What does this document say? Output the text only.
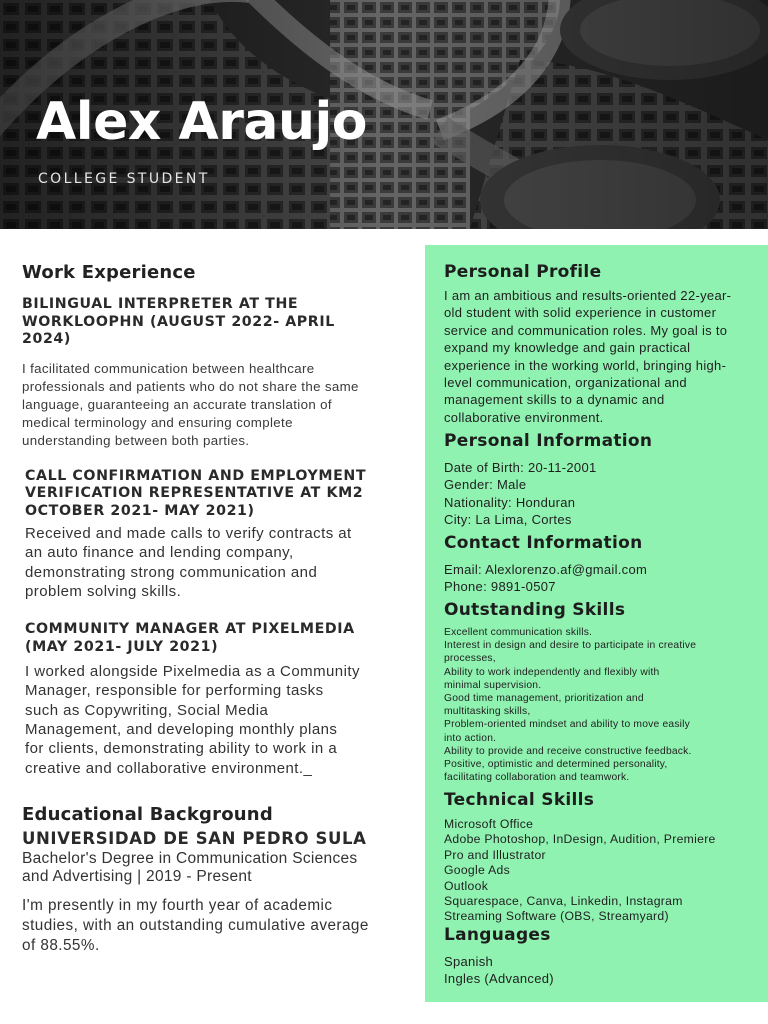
Alex Araujo
COLLEGE STUDENT
Work Experience
BILINGUAL INTERPRETER AT THE
WORKLOOPHN (AUGUST 2022- APRIL
2024)
I facilitated communication between healthcare
professionals and patients who do not share the same
language, guaranteeing an accurate translation of
medical terminology and ensuring complete
understanding between both parties.
CALL CONFIRMATION AND EMPLOYMENT
VERIFICATION REPRESENTATIVE AT KM2
OCTOBER 2021- MAY 2021)
Received and made calls to verify contracts at
an auto finance and lending company,
demonstrating strong communication and
problem solving skills.
COMMUNITY MANAGER AT PIXELMEDIA
(MAY 2021- JULY 2021)
I worked alongside Pixelmedia as a Community
Manager, responsible for performing tasks
such as Copywriting, Social Media
Management, and developing monthly plans
for clients, demonstrating ability to work in a
creative and collaborative environment._
Educational Background
UNIVERSIDAD DE SAN PEDRO SULA
Bachelor's Degree in Communication Sciences
and Advertising | 2019 - Present
I'm presently in my fourth year of academic
studies, with an outstanding cumulative average
of 88.55%.
Personal Profile
I am an ambitious and results-oriented 22-year-
old student with solid experience in customer
service and communication roles. My goal is to
expand my knowledge and gain practical
experience in the working world, bringing high-
level communication, organizational and
management skills to a dynamic and
collaborative environment.
Personal Information
Date of Birth: 20-11-2001
Gender: Male
Nationality: Honduran
City: La Lima, Cortes
Contact Information
Email: Alexlorenzo.af@gmail.com
Phone: 9891-0507
Outstanding Skills
Excellent communication skills.
Interest in design and desire to participate in creative
processes,
Ability to work independently and flexibly with
minimal supervision.
Good time management, prioritization and
multitasking skills,
Problem-oriented mindset and ability to move easily
into action.
Ability to provide and receive constructive feedback.
Positive, optimistic and determined personality,
facilitating collaboration and teamwork.
Technical Skills
Microsoft Office
Adobe Photoshop, InDesign, Audition, Premiere
Pro and Illustrator
Google Ads
Outlook
Squarespace, Canva, Linkedin, Instagram
Streaming Software (OBS, Streamyard)
Languages
Spanish
Ingles (Advanced)
